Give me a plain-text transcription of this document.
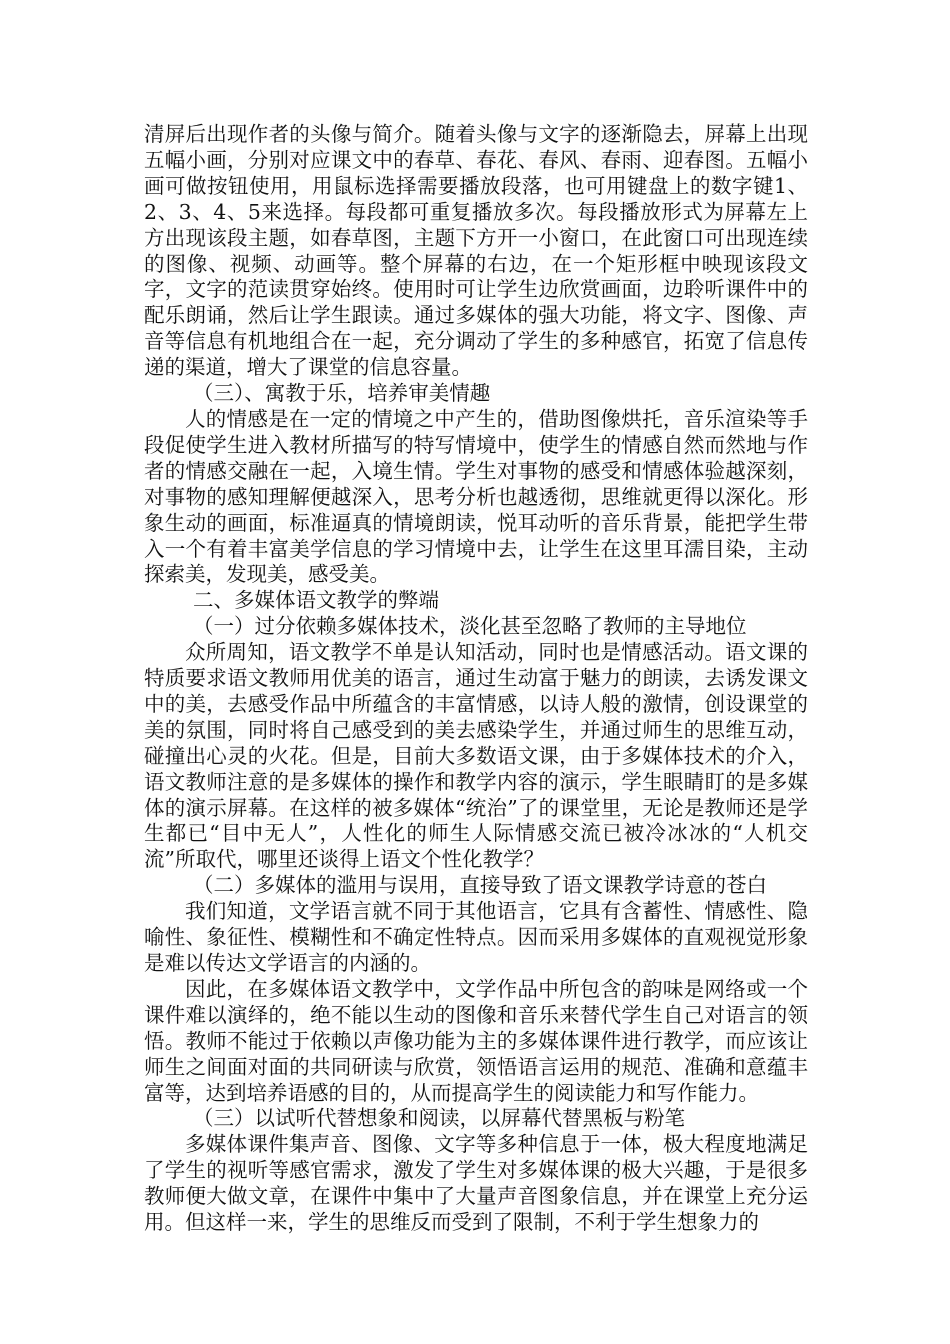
清屏后出现作者的头像与简介。随着头像与文字的逐渐隐去，屏幕上出现五幅小画，分别对应课文中的春草、春花、春风、春雨、迎春图。五幅小画可做按钮使用，用鼠标选择需要播放段落，也可用键盘上的数字键1、2、3、4、5来选择。每段都可重复播放多次。每段播放形式为屏幕左上方出现该段主题，如春草图，主题下方开一小窗口，在此窗口可出现连续的图像、视频、动画等。整个屏幕的右边，在一个矩形框中映现该段文字，文字的范读贯穿始终。使用时可让学生边欣赏画面，边聆听课件中的配乐朗诵，然后让学生跟读。通过多媒体的强大功能，将文字、图像、声音等信息有机地组合在一起，充分调动了学生的多种感官，拓宽了信息传递的渠道，增大了课堂的信息容量。

（三）、寓教于乐，培养审美情趣

人的情感是在一定的情境之中产生的，借助图像烘托，音乐渲染等手段促使学生进入教材所描写的特写情境中，使学生的情感自然而然地与作者的情感交融在一起，入境生情。学生对事物的感受和情感体验越深刻，对事物的感知理解便越深入，思考分析也越透彻，思维就更得以深化。形象生动的画面，标准逼真的情境朗读，悦耳动听的音乐背景，能把学生带入一个有着丰富美学信息的学习情境中去，让学生在这里耳濡目染，主动探索美，发现美，感受美。

二、多媒体语文教学的弊端

（一）过分依赖多媒体技术，淡化甚至忽略了教师的主导地位

众所周知，语文教学不单是认知活动，同时也是情感活动。语文课的特质要求语文教师用优美的语言，通过生动富于魅力的朗读，去诱发课文中的美，去感受作品中所蕴含的丰富情感，以诗人般的激情，创设课堂的美的氛围，同时将自己感受到的美去感染学生，并通过师生的思维互动，碰撞出心灵的火花。但是，目前大多数语文课，由于多媒体技术的介入，语文教师注意的是多媒体的操作和教学内容的演示，学生眼睛盯的是多媒体的演示屏幕。在这样的被多媒体“统治”了的课堂里，无论是教师还是学生都已“目中无人”，人性化的师生人际情感交流已被冷冰冰的“人机交流”所取代，哪里还谈得上语文个性化教学？

（二）多媒体的滥用与误用，直接导致了语文课教学诗意的苍白

我们知道，文学语言就不同于其他语言，它具有含蓄性、情感性、隐喻性、象征性、模糊性和不确定性特点。因而采用多媒体的直观视觉形象是难以传达文学语言的内涵的。

因此，在多媒体语文教学中，文学作品中所包含的韵味是网络或一个课件难以演绎的，绝不能以生动的图像和音乐来替代学生自己对语言的领悟。教师不能过于依赖以声像功能为主的多媒体课件进行教学，而应该让师生之间面对面的共同研读与欣赏，领悟语言运用的规范、准确和意蕴丰富等，达到培养语感的目的，从而提高学生的阅读能力和写作能力。

（三）以试听代替想象和阅读，以屏幕代替黑板与粉笔

多媒体课件集声音、图像、文字等多种信息于一体，极大程度地满足了学生的视听等感官需求，激发了学生对多媒体课的极大兴趣，于是很多教师便大做文章，在课件中集中了大量声音图象信息，并在课堂上充分运用。但这样一来，学生的思维反而受到了限制，不利于学生想象力的
